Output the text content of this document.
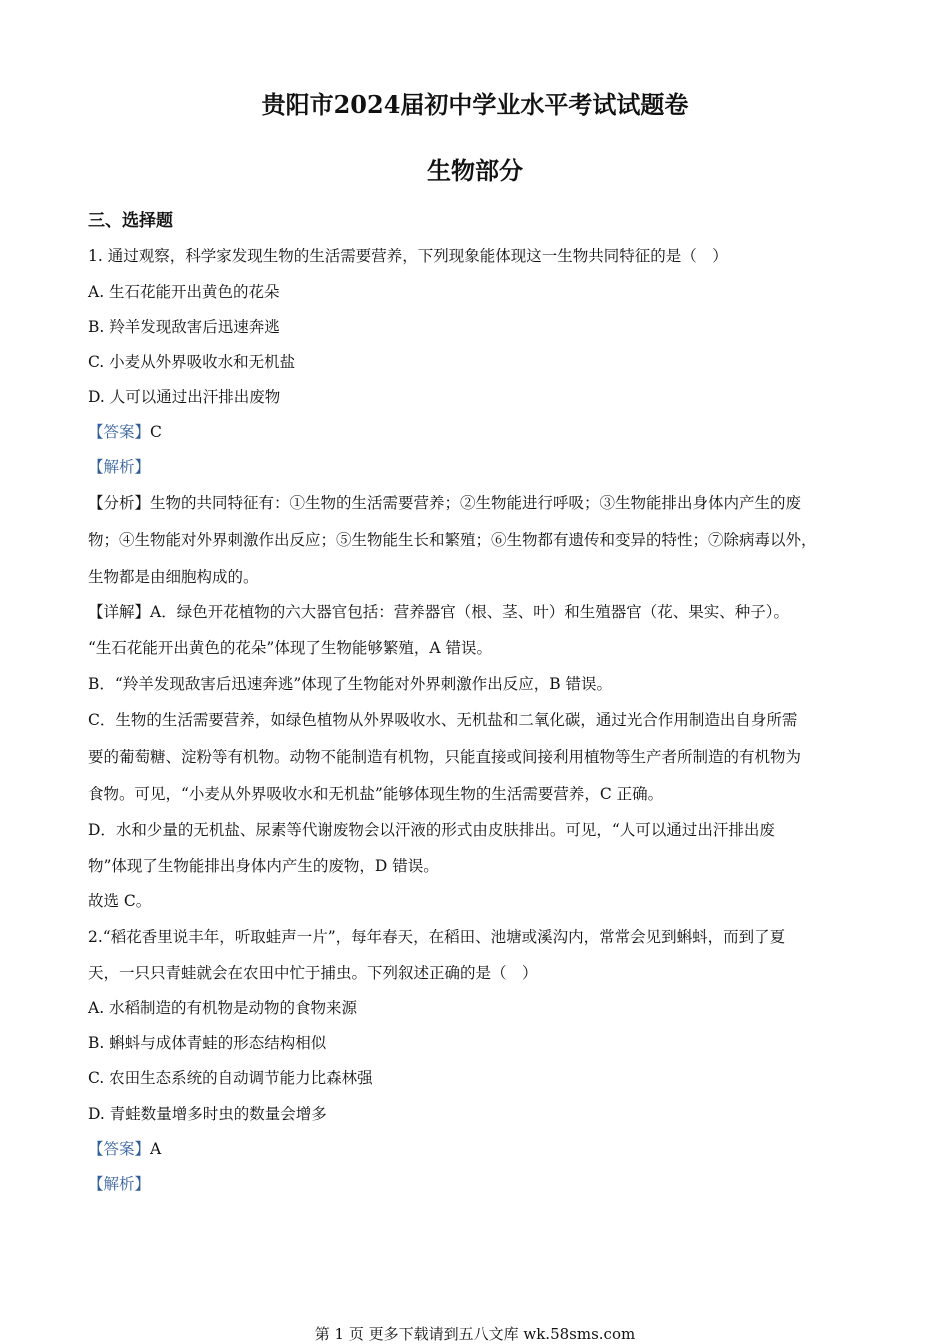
贵阳市2024届初中学业水平考试试题卷
生物部分
三、选择题
1. 通过观察，科学家发现生物的生活需要营养，下列现象能体现这一生物共同特征的是（　）
A. 生石花能开出黄色的花朵
B. 羚羊发现敌害后迅速奔逃
C. 小麦从外界吸收水和无机盐
D. 人可以通过出汗排出废物
【答案】C
【解析】
【分析】生物的共同特征有：①生物的生活需要营养；②生物能进行呼吸；③生物能排出身体内产生的废
物；④生物能对外界刺激作出反应；⑤生物能生长和繁殖；⑥生物都有遗传和变异的特性；⑦除病毒以外，
生物都是由细胞构成的。
【详解】A．绿色开花植物的六大器官包括：营养器官（根、茎、叶）和生殖器官（花、果实、种子）。
“生石花能开出黄色的花朵”体现了生物能够繁殖，A 错误。
B．“羚羊发现敌害后迅速奔逃”体现了生物能对外界刺激作出反应，B 错误。
C．生物的生活需要营养，如绿色植物从外界吸收水、无机盐和二氧化碳，通过光合作用制造出自身所需
要的葡萄糖、淀粉等有机物。动物不能制造有机物，只能直接或间接利用植物等生产者所制造的有机物为
食物。可见，“小麦从外界吸收水和无机盐”能够体现生物的生活需要营养，C 正确。
D．水和少量的无机盐、尿素等代谢废物会以汗液的形式由皮肤排出。可见，“人可以通过出汗排出废
物”体现了生物能排出身体内产生的废物，D 错误。
故选 C。
2.“稻花香里说丰年，听取蛙声一片”，每年春天，在稻田、池塘或溪沟内，常常会见到蝌蚪，而到了夏
天，一只只青蛙就会在农田中忙于捕虫。下列叙述正确的是（　）
A. 水稻制造的有机物是动物的食物来源
B. 蝌蚪与成体青蛙的形态结构相似
C. 农田生态系统的自动调节能力比森林强
D. 青蛙数量增多时虫的数量会增多
【答案】A
【解析】
第 1 页 更多下载请到五八文库 wk.58sms.com
